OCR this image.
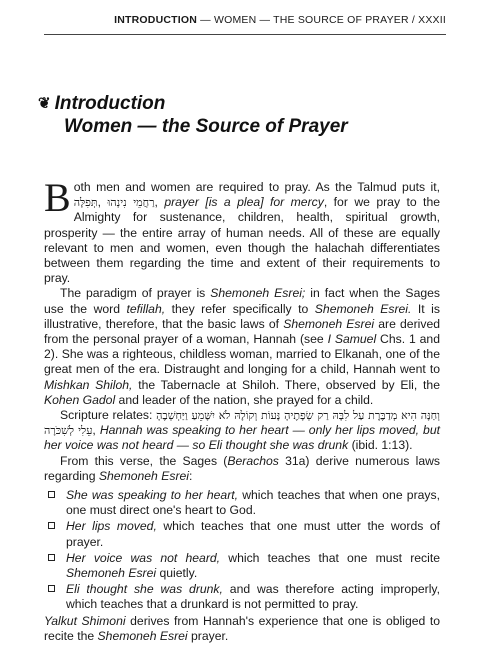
INTRODUCTION — WOMEN — THE SOURCE OF PRAYER / XXXII
❦ Introduction
Women — the Source of Prayer

Both men and women are required to pray. As the Talmud puts it, תְּפִלָּה, רַחֲמֵי נִינְהוּ, prayer [is a plea] for mercy, for we pray to the Almighty for sustenance, children, health, spiritual growth, prosperity — the entire array of human needs. All of these are equally relevant to men and women, even though the halachah differentiates between them regarding the time and extent of their requirements to pray.

The paradigm of prayer is Shemoneh Esrei; in fact when the Sages use the word tefillah, they refer specifically to Shemoneh Esrei. It is illustrative, therefore, that the basic laws of Shemoneh Esrei are derived from the personal prayer of a woman, Hannah (see I Samuel Chs. 1 and 2). She was a righteous, childless woman, married to Elkanah, one of the great men of the era. Distraught and longing for a child, Hannah went to Mishkan Shiloh, the Tabernacle at Shiloh. There, observed by Eli, the Kohen Gadol and leader of the nation, she prayed for a child.

Scripture relates: וְחַנָּה הִיא מְדַבֶּרֶת עַל לִבָּהּ רַק שְׂפָתֶיהָ נָּעוֹת וְקוֹלָהּ לֹא יִשָּׁמֵעַ וַיַּחְשְׁבֶהָ עֵלִי לְשִׁכֹּרָה, Hannah was speaking to her heart — only her lips moved, but her voice was not heard — so Eli thought she was drunk (ibid. 1:13).

From this verse, the Sages (Berachos 31a) derive numerous laws regarding Shemoneh Esrei:

She was speaking to her heart, which teaches that when one prays, one must direct one's heart to God.
Her lips moved, which teaches that one must utter the words of prayer.
Her voice was not heard, which teaches that one must recite Shemoneh Esrei quietly.
Eli thought she was drunk, and was therefore acting improperly, which teaches that a drunkard is not permitted to pray.

Yalkut Shimoni derives from Hannah's experience that one is obliged to recite the Shemoneh Esrei prayer.
